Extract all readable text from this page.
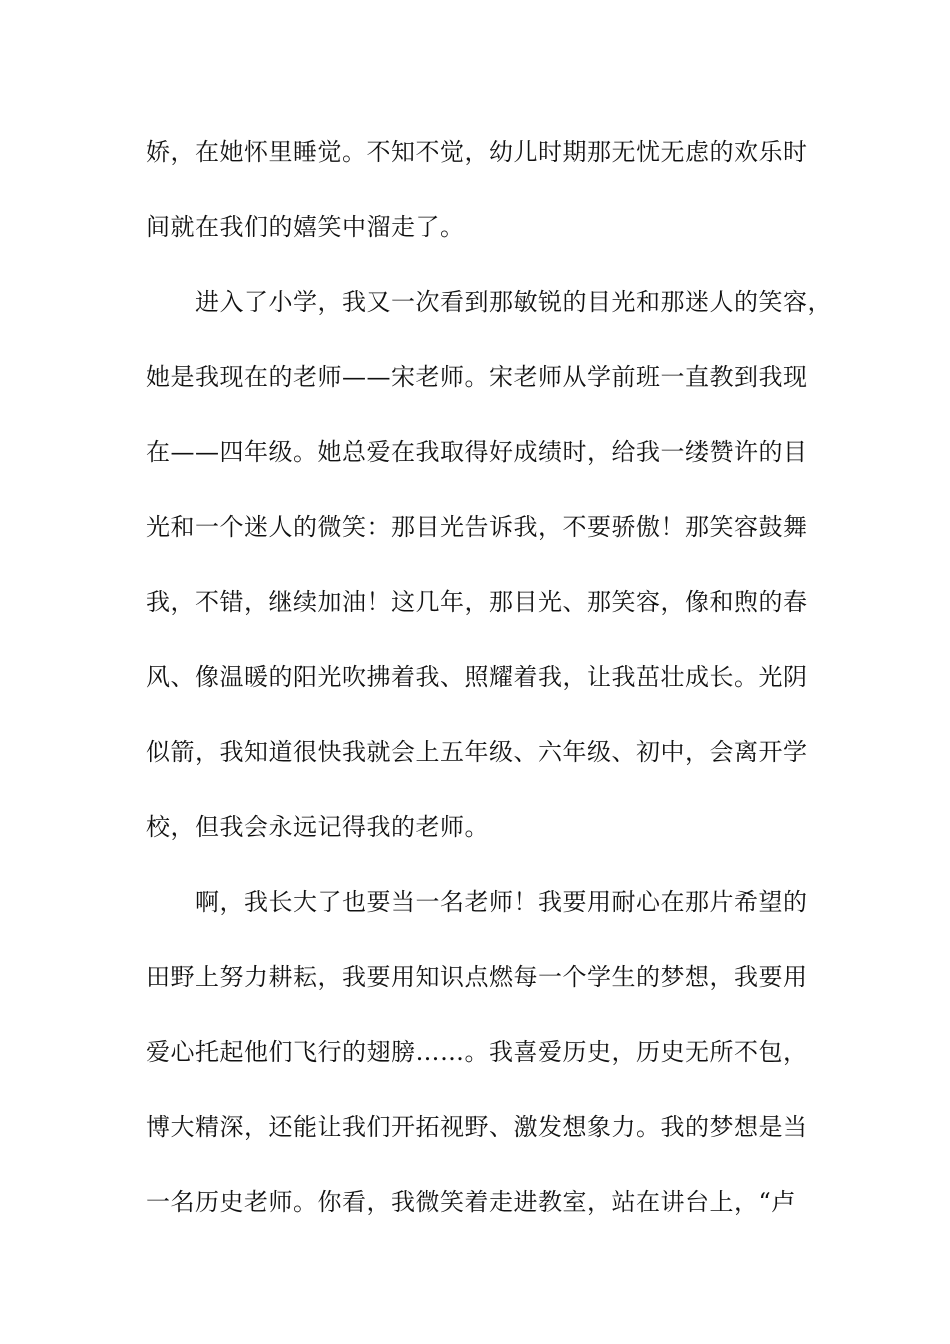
娇，在她怀里睡觉。不知不觉，幼儿时期那无忧无虑的欢乐时
间就在我们的嬉笑中溜走了。
　　进入了小学，我又一次看到那敏锐的目光和那迷人的笑容，
她是我现在的老师——宋老师。宋老师从学前班一直教到我现
在——四年级。她总爱在我取得好成绩时，给我一缕赞许的目
光和一个迷人的微笑：那目光告诉我，不要骄傲！那笑容鼓舞
我，不错，继续加油！这几年，那目光、那笑容，像和煦的春
风、像温暖的阳光吹拂着我、照耀着我，让我茁壮成长。光阴
似箭，我知道很快我就会上五年级、六年级、初中，会离开学
校，但我会永远记得我的老师。
　　啊，我长大了也要当一名老师！我要用耐心在那片希望的
田野上努力耕耘，我要用知识点燃每一个学生的梦想，我要用
爱心托起他们飞行的翅膀……。我喜爱历史，历史无所不包，
博大精深，还能让我们开拓视野、激发想象力。我的梦想是当
一名历史老师。你看，我微笑着走进教室，站在讲台上，“卢
